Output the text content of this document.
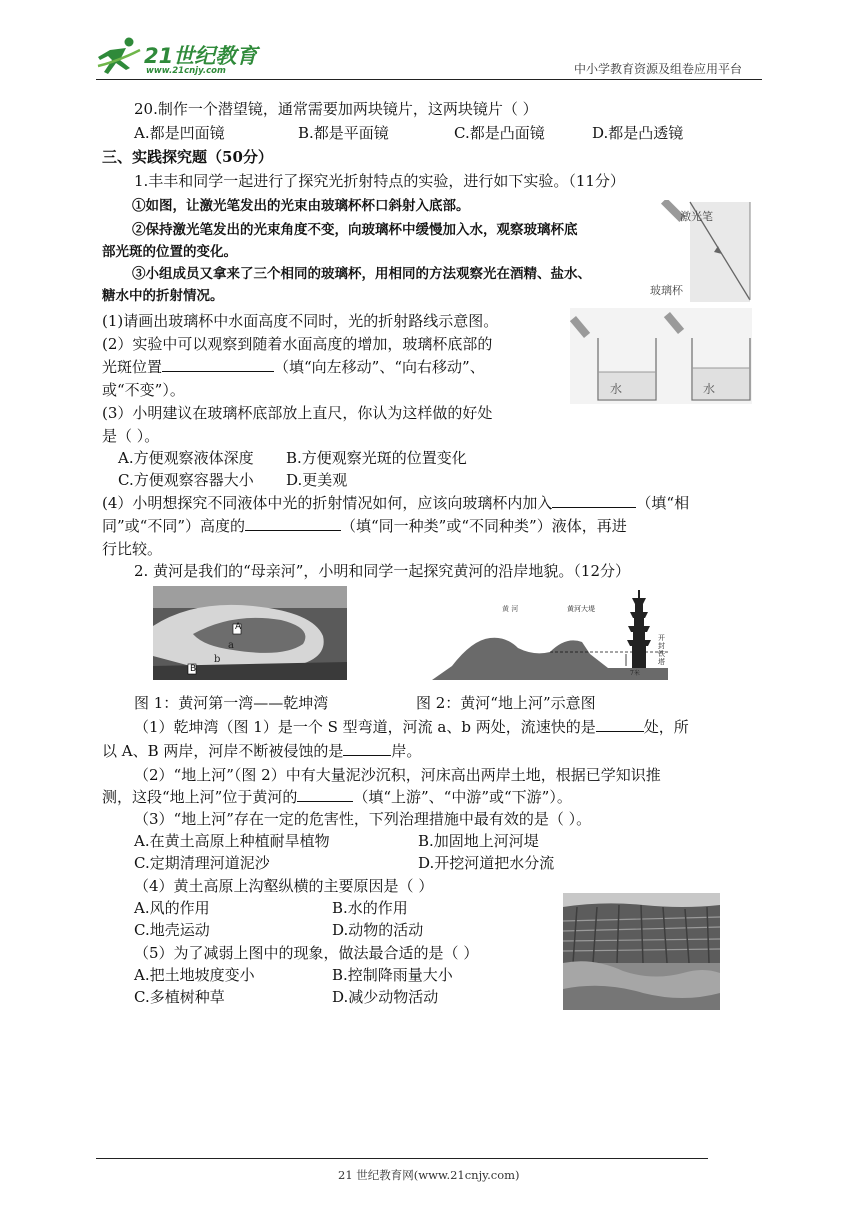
21世纪教育
www.21cnjy.com	中小学教育资源及组卷应用平台
20.制作一个潜望镜，通常需要加两块镜片，这两块镜片（ ）
A.都是凹面镜	B.都是平面镜	C.都是凸面镜	D.都是凸透镜
三、实践探究题（50分）
1.丰丰和同学一起进行了探究光折射特点的实验，进行如下实验。（11分）
①如图，让激光笔发出的光束由玻璃杯杯口斜射入底部。
②保持激光笔发出的光束角度不变，向玻璃杯中缓慢加入水，观察玻璃杯底
部光斑的位置的变化。
③小组成员又拿来了三个相同的玻璃杯，用相同的方法观察光在酒精、盐水、
糖水中的折射情况。
激光笔
玻璃杯
水	水
(1)请画出玻璃杯中水面高度不同时，光的折射路线示意图。
(2）实验中可以观察到随着水面高度的增加，玻璃杯底部的
光斑位置	（填“向左移动”、“向右移动”、
或“不变”）。
(3）小明建议在玻璃杯底部放上直尺，你认为这样做的好处
是（ ）。
A.方便观察液体深度 B.方便观察光斑的位置变化
C.方便观察容器大小 D.更美观
(4）小明想探究不同液体中光的折射情况如何，应该向玻璃杯内加入	（填“相
同”或“不同”）高度的	（填“同一种类”或“不同种类”）液体，再进
行比较。
2. 黄河是我们的“母亲河”，小明和同学一起探究黄河的沿岸地貌。（12分）
A
a
b
B
黄 河	黄河大堤
开封铁塔
7米
图 1：黄河第一湾——乾坤湾	图 2：黄河“地上河”示意图
（1）乾坤湾（图 1）是一个 S 型弯道，河流 a、b 两处，流速快的是	处，所
以 A、B 两岸，河岸不断被侵蚀的是	岸。
（2）“地上河”（图 2）中有大量泥沙沉积，河床高出两岸土地，根据已学知识推
测，这段“地上河”位于黄河的	（填“上游”、“中游”或“下游”）。
（3）“地上河”存在一定的危害性，下列治理措施中最有效的是（ ）。
A.在黄土高原上种植耐旱植物	B.加固地上河河堤
C.定期清理河道泥沙	D.开挖河道把水分流
（4）黄土高原上沟壑纵横的主要原因是（ ）
A.风的作用	B.水的作用
C.地壳运动	D.动物的活动
（5）为了减弱上图中的现象，做法最合适的是（ ）
A.把土地坡度变小	B.控制降雨量大小
C.多植树种草	D.减少动物活动
21 世纪教育网(www.21cnjy.com)
